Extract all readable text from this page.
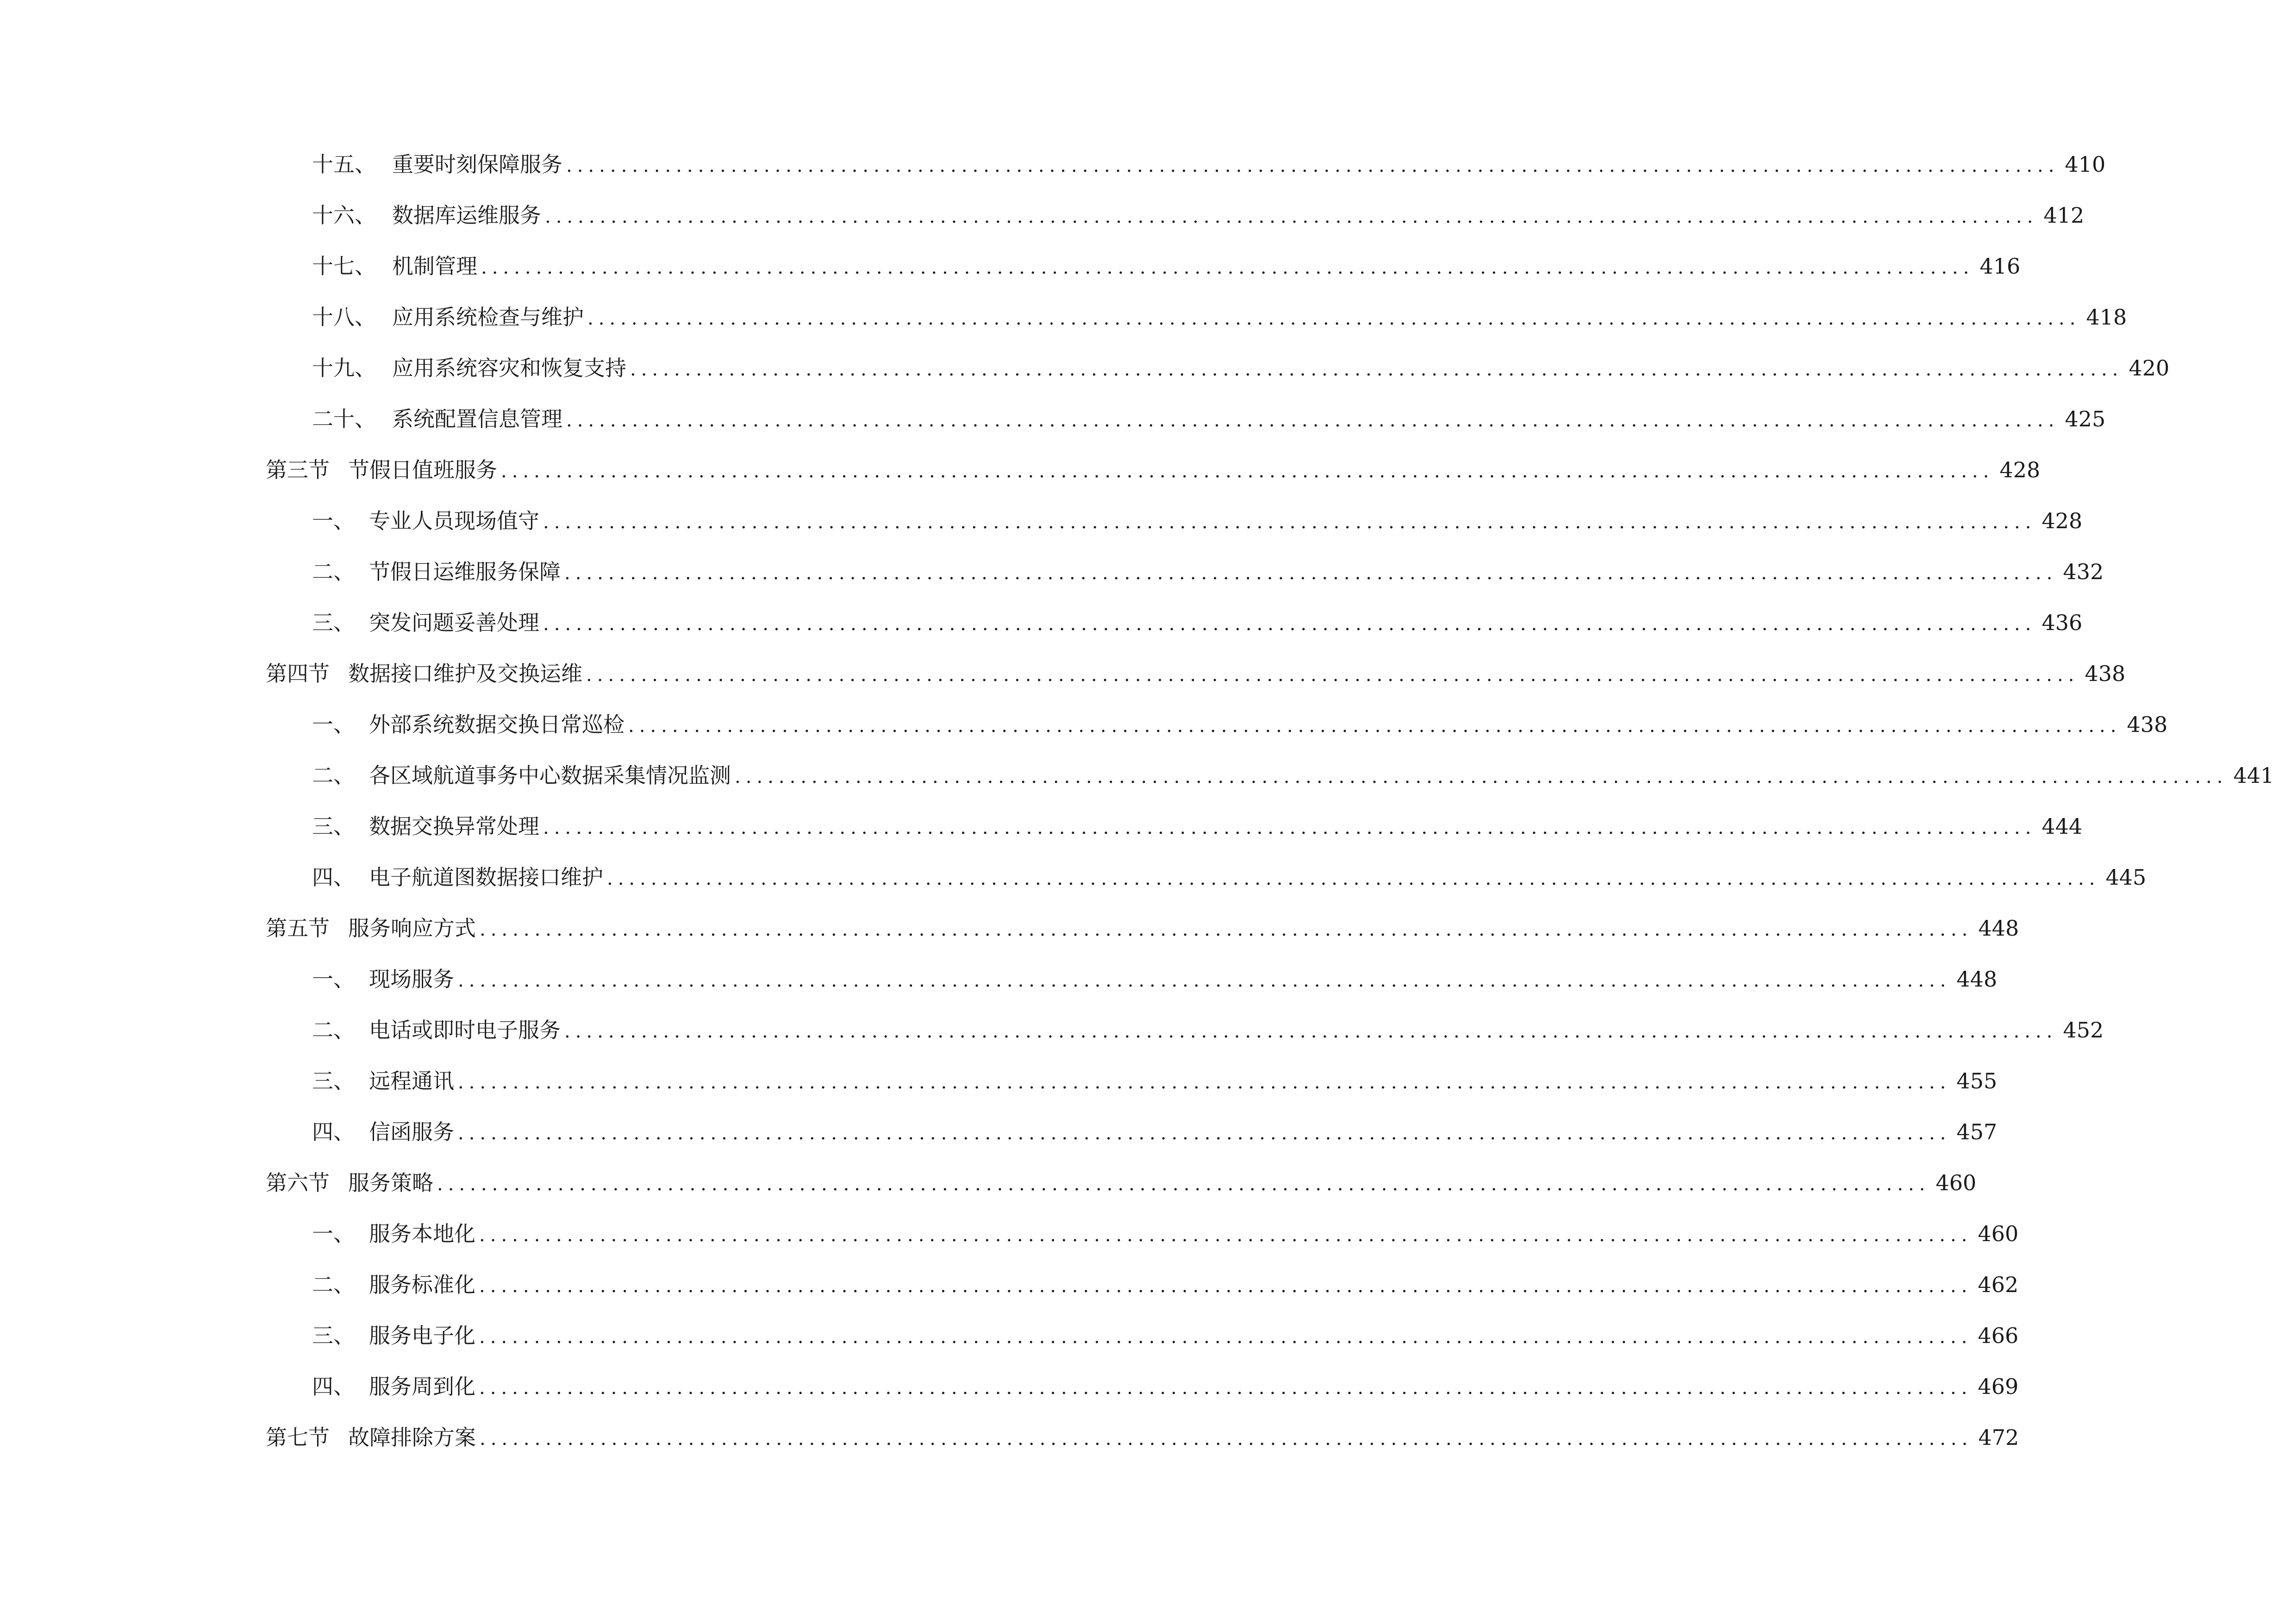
十五、 重要时刻保障服务 ........................................................................................................................................ 410
十六、 数据库运维服务 ........................................................................................................................................ 412
十七、 机制管理 ........................................................................................................................................ 416
十八、 应用系统检查与维护 ........................................................................................................................................ 418
十九、 应用系统容灾和恢复支持 ........................................................................................................................................ 420
二十、 系统配置信息管理 ........................................................................................................................................ 425
第三节 节假日值班服务 ........................................................................................................................................ 428
一、 专业人员现场值守 ........................................................................................................................................ 428
二、 节假日运维服务保障 ........................................................................................................................................ 432
三、 突发问题妥善处理 ........................................................................................................................................ 436
第四节 数据接口维护及交换运维 ........................................................................................................................................ 438
一、 外部系统数据交换日常巡检 ........................................................................................................................................ 438
二、 各区域航道事务中心数据采集情况监测 ........................................................................................................................................ 441
三、 数据交换异常处理 ........................................................................................................................................ 444
四、 电子航道图数据接口维护 ........................................................................................................................................ 445
第五节 服务响应方式 ........................................................................................................................................ 448
一、 现场服务 ........................................................................................................................................ 448
二、 电话或即时电子服务 ........................................................................................................................................ 452
三、 远程通讯 ........................................................................................................................................ 455
四、 信函服务 ........................................................................................................................................ 457
第六节 服务策略 ........................................................................................................................................ 460
一、 服务本地化 ........................................................................................................................................ 460
二、 服务标准化 ........................................................................................................................................ 462
三、 服务电子化 ........................................................................................................................................ 466
四、 服务周到化 ........................................................................................................................................ 469
第七节 故障排除方案 ........................................................................................................................................ 472
